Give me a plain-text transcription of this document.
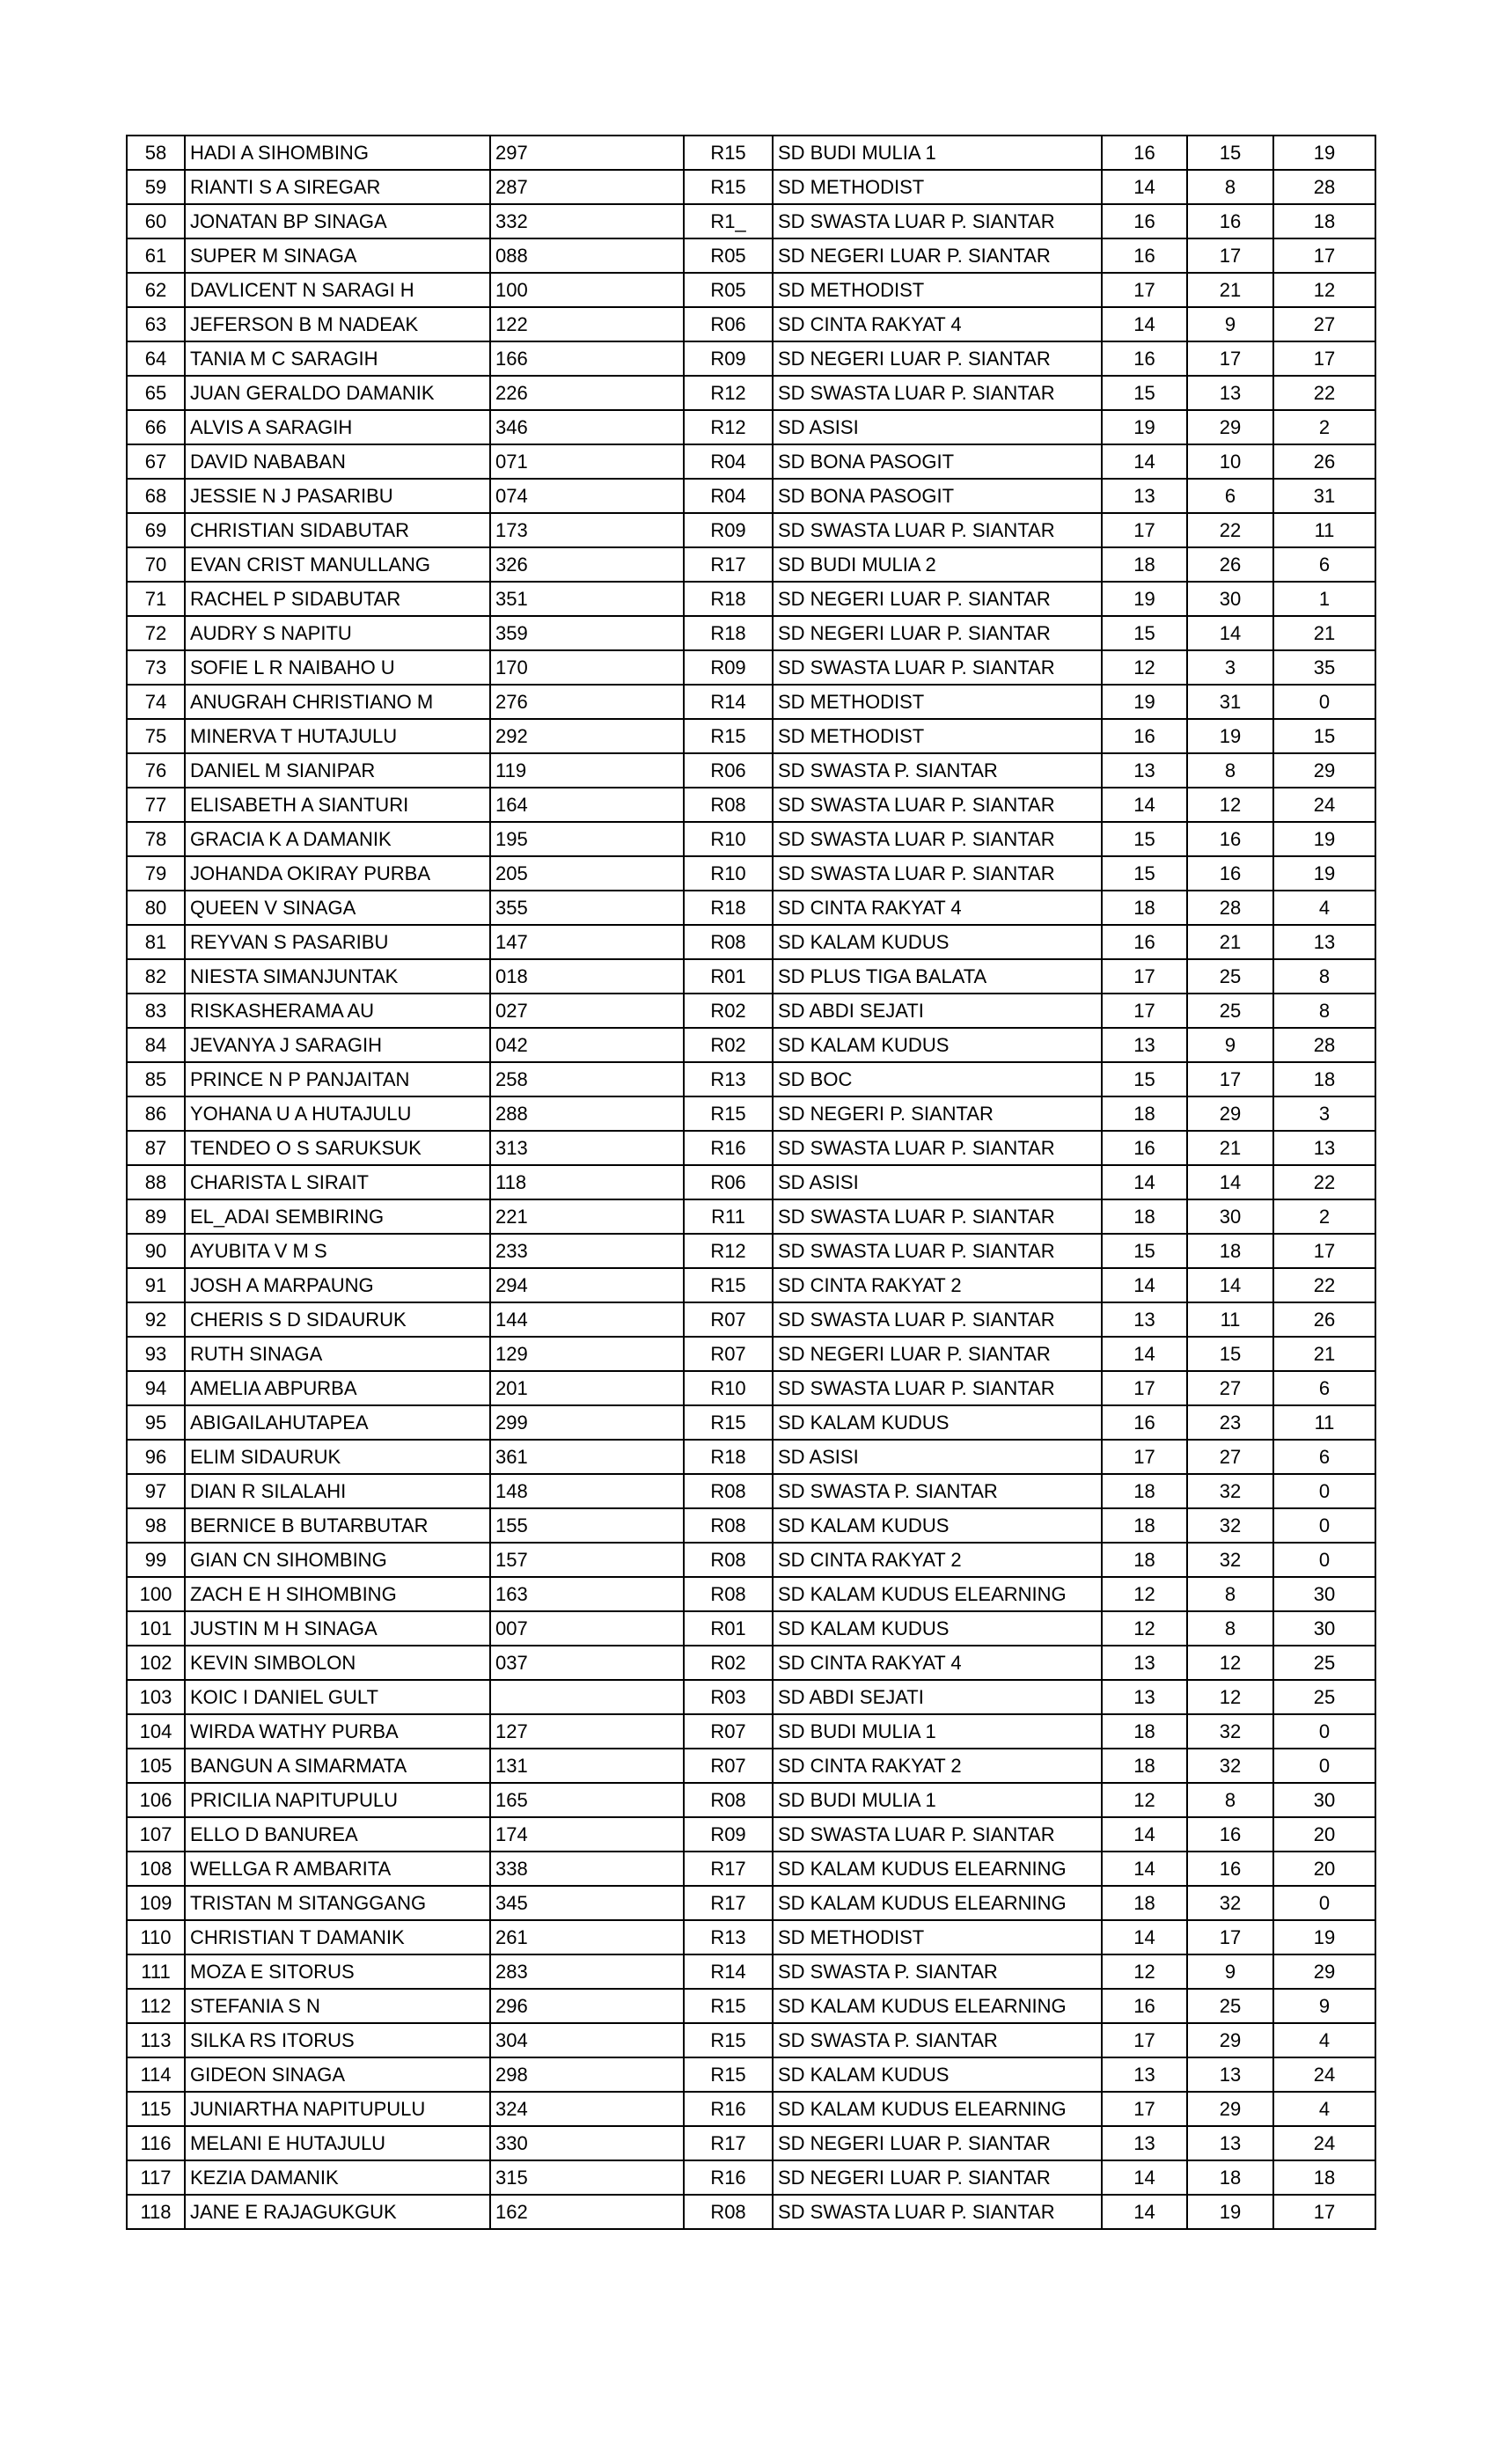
58	HADI A SIHOMBING	297	R15	SD BUDI MULIA 1	16	15	19
59	RIANTI S A SIREGAR	287	R15	SD METHODIST	14	8	28
60	JONATAN BP SINAGA	332	R1_	SD SWASTA LUAR P. SIANTAR	16	16	18
61	SUPER M SINAGA	088	R05	SD NEGERI LUAR P. SIANTAR	16	17	17
62	DAVLICENT N SARAGI H	100	R05	SD METHODIST	17	21	12
63	JEFERSON B M NADEAK	122	R06	SD CINTA RAKYAT 4	14	9	27
64	TANIA M C SARAGIH	166	R09	SD NEGERI LUAR P. SIANTAR	16	17	17
65	JUAN GERALDO DAMANIK	226	R12	SD SWASTA LUAR P. SIANTAR	15	13	22
66	ALVIS A SARAGIH	346	R12	SD ASISI	19	29	2
67	DAVID NABABAN	071	R04	SD BONA PASOGIT	14	10	26
68	JESSIE N J PASARIBU	074	R04	SD BONA PASOGIT	13	6	31
69	CHRISTIAN SIDABUTAR	173	R09	SD SWASTA LUAR P. SIANTAR	17	22	11
70	EVAN CRIST MANULLANG	326	R17	SD BUDI MULIA 2	18	26	6
71	RACHEL P SIDABUTAR	351	R18	SD NEGERI LUAR P. SIANTAR	19	30	1
72	AUDRY S NAPITU	359	R18	SD NEGERI LUAR P. SIANTAR	15	14	21
73	SOFIE L R NAIBAHO U	170	R09	SD SWASTA LUAR P. SIANTAR	12	3	35
74	ANUGRAH CHRISTIANO M	276	R14	SD METHODIST	19	31	0
75	MINERVA T HUTAJULU	292	R15	SD METHODIST	16	19	15
76	DANIEL M SIANIPAR	119	R06	SD SWASTA P. SIANTAR	13	8	29
77	ELISABETH A SIANTURI	164	R08	SD SWASTA LUAR P. SIANTAR	14	12	24
78	GRACIA K A DAMANIK	195	R10	SD SWASTA LUAR P. SIANTAR	15	16	19
79	JOHANDA OKIRAY PURBA	205	R10	SD SWASTA LUAR P. SIANTAR	15	16	19
80	QUEEN V SINAGA	355	R18	SD CINTA RAKYAT 4	18	28	4
81	REYVAN S PASARIBU	147	R08	SD KALAM KUDUS	16	21	13
82	NIESTA SIMANJUNTAK	018	R01	SD PLUS TIGA BALATA	17	25	8
83	RISKASHERAMA AU	027	R02	SD ABDI SEJATI	17	25	8
84	JEVANYA J SARAGIH	042	R02	SD KALAM KUDUS	13	9	28
85	PRINCE N P PANJAITAN	258	R13	SD BOC	15	17	18
86	YOHANA U A HUTAJULU	288	R15	SD NEGERI P. SIANTAR	18	29	3
87	TENDEO O S SARUKSUK	313	R16	SD SWASTA LUAR P. SIANTAR	16	21	13
88	CHARISTA L SIRAIT	118	R06	SD ASISI	14	14	22
89	EL_ADAI SEMBIRING	221	R11	SD SWASTA LUAR P. SIANTAR	18	30	2
90	AYUBITA V M S	233	R12	SD SWASTA LUAR P. SIANTAR	15	18	17
91	JOSH A MARPAUNG	294	R15	SD CINTA RAKYAT 2	14	14	22
92	CHERIS S D SIDAURUK	144	R07	SD SWASTA LUAR P. SIANTAR	13	11	26
93	RUTH SINAGA	129	R07	SD NEGERI LUAR P. SIANTAR	14	15	21
94	AMELIA ABPURBA	201	R10	SD SWASTA LUAR P. SIANTAR	17	27	6
95	ABIGAILAHUTAPEA	299	R15	SD KALAM KUDUS	16	23	11
96	ELIM SIDAURUK	361	R18	SD ASISI	17	27	6
97	DIAN R SILALAHI	148	R08	SD SWASTA P. SIANTAR	18	32	0
98	BERNICE B BUTARBUTAR	155	R08	SD KALAM KUDUS	18	32	0
99	GIAN CN SIHOMBING	157	R08	SD CINTA RAKYAT 2	18	32	0
100	ZACH E H SIHOMBING	163	R08	SD KALAM KUDUS ELEARNING	12	8	30
101	JUSTIN M H SINAGA	007	R01	SD KALAM KUDUS	12	8	30
102	KEVIN SIMBOLON	037	R02	SD CINTA RAKYAT 4	13	12	25
103	KOIC I DANIEL GULT		R03	SD ABDI SEJATI	13	12	25
104	WIRDA WATHY PURBA	127	R07	SD BUDI MULIA 1	18	32	0
105	BANGUN A SIMARMATA	131	R07	SD CINTA RAKYAT 2	18	32	0
106	PRICILIA NAPITUPULU	165	R08	SD BUDI MULIA 1	12	8	30
107	ELLO D BANUREA	174	R09	SD SWASTA LUAR P. SIANTAR	14	16	20
108	WELLGA R AMBARITA	338	R17	SD KALAM KUDUS ELEARNING	14	16	20
109	TRISTAN M SITANGGANG	345	R17	SD KALAM KUDUS ELEARNING	18	32	0
110	CHRISTIAN T DAMANIK	261	R13	SD METHODIST	14	17	19
111	MOZA E SITORUS	283	R14	SD SWASTA P. SIANTAR	12	9	29
112	STEFANIA S N	296	R15	SD KALAM KUDUS ELEARNING	16	25	9
113	SILKA RS ITORUS	304	R15	SD SWASTA P. SIANTAR	17	29	4
114	GIDEON SINAGA	298	R15	SD KALAM KUDUS	13	13	24
115	JUNIARTHA NAPITUPULU	324	R16	SD KALAM KUDUS ELEARNING	17	29	4
116	MELANI E HUTAJULU	330	R17	SD NEGERI LUAR P. SIANTAR	13	13	24
117	KEZIA DAMANIK	315	R16	SD NEGERI LUAR P. SIANTAR	14	18	18
118	JANE E RAJAGUKGUK	162	R08	SD SWASTA LUAR P. SIANTAR	14	19	17
